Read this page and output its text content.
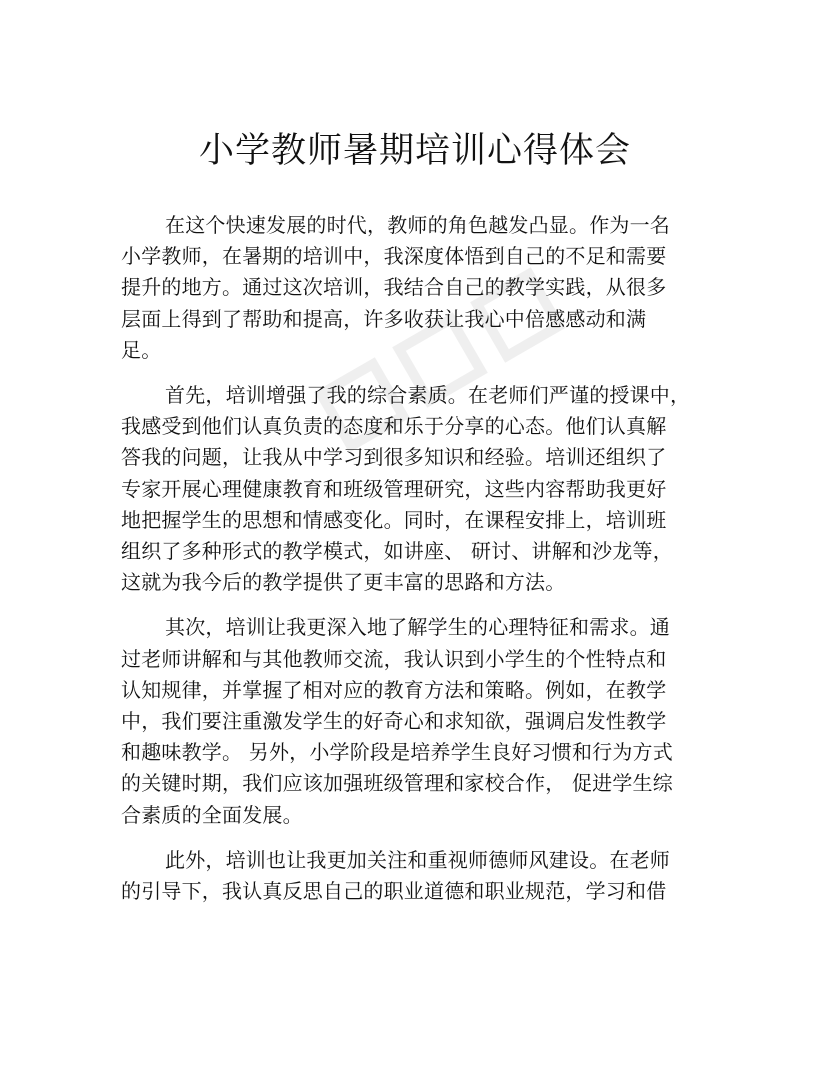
小学教师暑期培训心得体会
在这个快速发展的时代，教师的角色越发凸显。作为一名
小学教师，在暑期的培训中，我深度体悟到自己的不足和需要
提升的地方。通过这次培训，我结合自己的教学实践，从很多
层面上得到了帮助和提高，许多收获让我心中倍感感动和满
足。
首先，培训增强了我的综合素质。在老师们严谨的授课中，
我感受到他们认真负责的态度和乐于分享的心态。他们认真解
答我的问题，让我从中学习到很多知识和经验。培训还组织了
专家开展心理健康教育和班级管理研究，这些内容帮助我更好
地把握学生的思想和情感变化。同时，在课程安排上，培训班
组织了多种形式的教学模式，如讲座、 研讨、讲解和沙龙等，
这就为我今后的教学提供了更丰富的思路和方法。
其次，培训让我更深入地了解学生的心理特征和需求。通
过老师讲解和与其他教师交流，我认识到小学生的个性特点和
认知规律，并掌握了相对应的教育方法和策略。例如，在教学
中，我们要注重激发学生的好奇心和求知欲，强调启发性教学
和趣味教学。 另外，小学阶段是培养学生良好习惯和行为方式
的关键时期，我们应该加强班级管理和家校合作， 促进学生综
合素质的全面发展。
此外，培训也让我更加关注和重视师德师风建设。在老师
的引导下，我认真反思自己的职业道德和职业规范，学习和借
